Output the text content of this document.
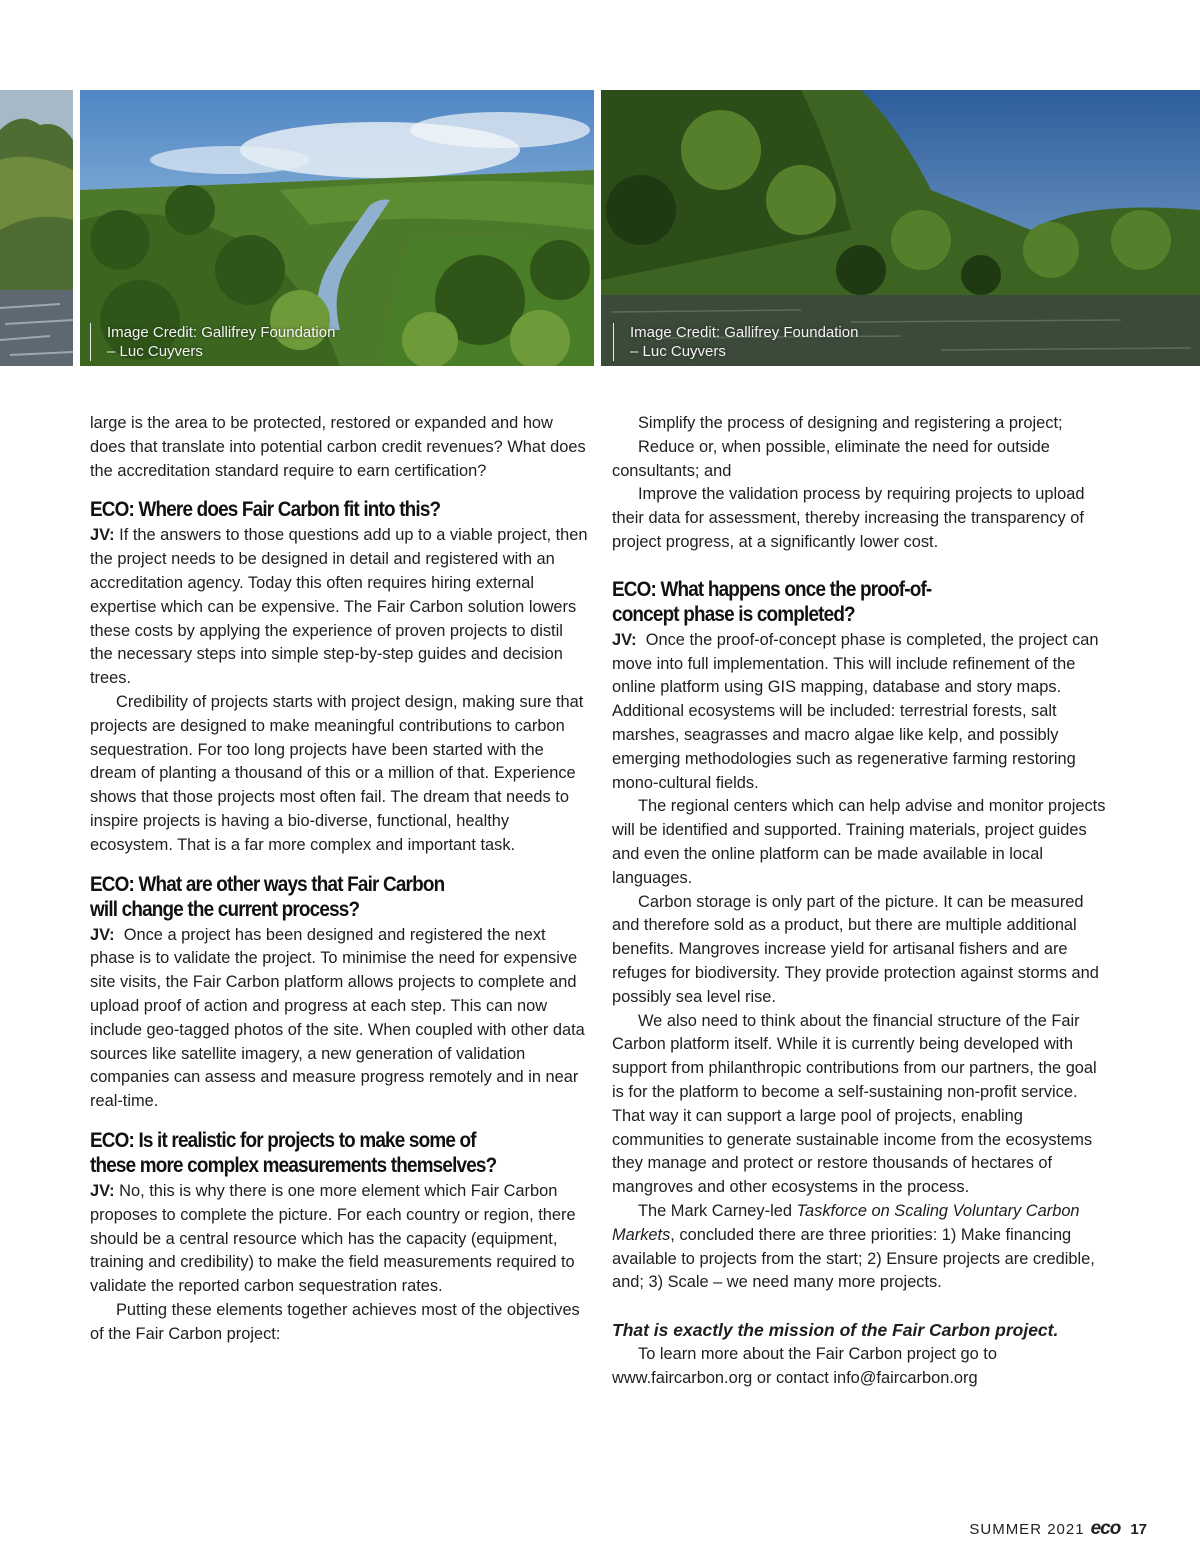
Image Credit: Gallifrey Foundation
– Luc Cuyvers
Image Credit: Gallifrey Foundation
– Luc Cuyvers

large is the area to be protected, restored or expanded and how does that translate into potential carbon credit revenues? What does the accreditation standard require to earn certification?

ECO: Where does Fair Carbon fit into this?

JV: If the answers to those questions add up to a viable project, then the project needs to be designed in detail and registered with an accreditation agency. Today this often requires hiring external expertise which can be expensive. The Fair Carbon solution lowers these costs by applying the experience of proven projects to distil the necessary steps into simple step-by-step guides and decision trees.

Credibility of projects starts with project design, making sure that projects are designed to make meaningful contributions to carbon sequestration. For too long projects have been started with the dream of planting a thousand of this or a million of that. Experience shows that those projects most often fail. The dream that needs to inspire projects is having a bio-diverse, functional, healthy ecosystem. That is a far more complex and important task.

ECO: What are other ways that Fair Carbon
will change the current process?

JV: Once a project has been designed and registered the next phase is to validate the project. To minimise the need for expensive site visits, the Fair Carbon platform allows projects to complete and upload proof of action and progress at each step. This can now include geo-tagged photos of the site. When coupled with other data sources like satellite imagery, a new generation of validation companies can assess and measure progress remotely and in near real-time.

ECO: Is it realistic for projects to make some of
these more complex measurements themselves?

JV: No, this is why there is one more element which Fair Carbon proposes to complete the picture. For each country or region, there should be a central resource which has the capacity (equipment, training and credibility) to make the field measurements required to validate the reported carbon sequestration rates.

Putting these elements together achieves most of the objectives of the Fair Carbon project:

Simplify the process of designing and registering a project;

Reduce or, when possible, eliminate the need for outside consultants; and

Improve the validation process by requiring projects to upload their data for assessment, thereby increasing the transparency of project progress, at a significantly lower cost.

ECO: What happens once the proof-of-
concept phase is completed?

JV: Once the proof-of-concept phase is completed, the project can move into full implementation. This will include refinement of the online platform using GIS mapping, database and story maps. Additional ecosystems will be included: terrestrial forests, salt marshes, seagrasses and macro algae like kelp, and possibly emerging methodologies such as regenerative farming restoring mono-cultural fields.

The regional centers which can help advise and monitor projects will be identified and supported. Training materials, project guides and even the online platform can be made available in local languages.

Carbon storage is only part of the picture. It can be measured and therefore sold as a product, but there are multiple additional benefits. Mangroves increase yield for artisanal fishers and are refuges for biodiversity. They provide protection against storms and possibly sea level rise.

We also need to think about the financial structure of the Fair Carbon platform itself. While it is currently being developed with support from philanthropic contributions from our partners, the goal is for the platform to become a self-sustaining non-profit service. That way it can support a large pool of projects, enabling communities to generate sustainable income from the ecosystems they manage and protect or restore thousands of hectares of mangroves and other ecosystems in the process.

The Mark Carney-led Taskforce on Scaling Voluntary Carbon Markets, concluded there are three priorities: 1) Make financing available to projects from the start; 2) Ensure projects are credible, and; 3) Scale – we need many more projects.

That is exactly the mission of the Fair Carbon project.

To learn more about the Fair Carbon project go to www.faircarbon.org or contact info@faircarbon.org

SUMMER 2021 eco 17
